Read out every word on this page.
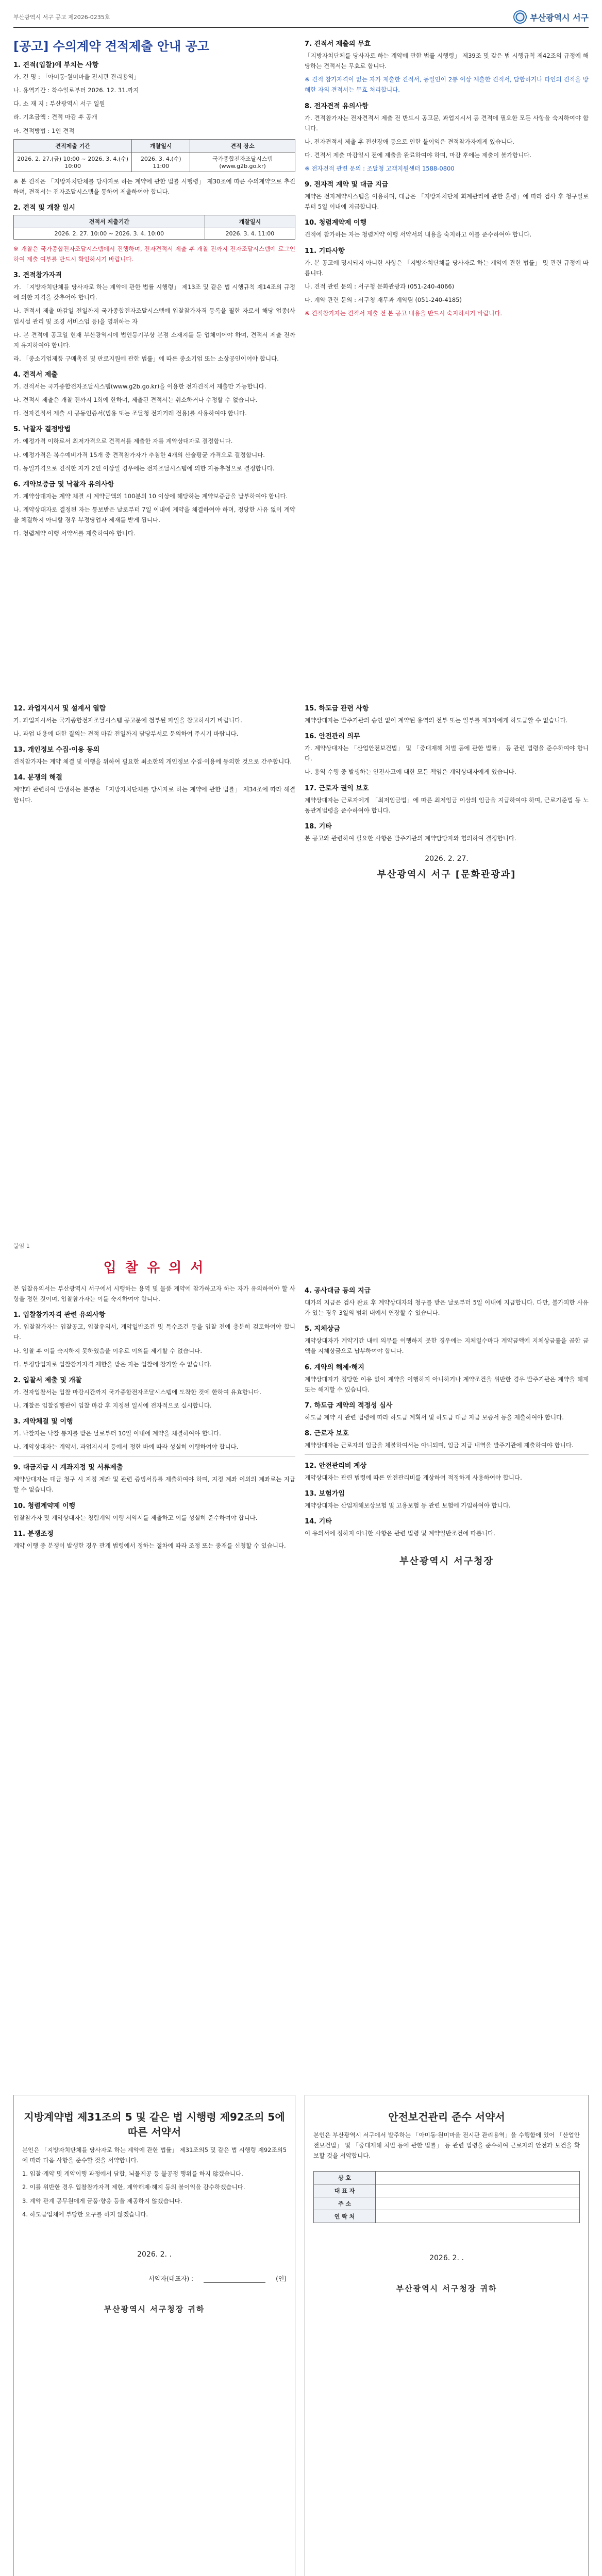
부산광역시 서구 공고 제2026-0235호	부산광역시 서구
[공고] 수의계약 견적제출 안내 공고
1. 견적(입찰)에 부치는 사항
가. 건 명 : 「아미동·원미마을 전시관 관리용역」
나. 용역기간 : 착수일로부터 2026. 12. 31.까지
다. 소 재 지 : 부산광역시 서구 일원
라. 기초금액 : 견적 마감 후 공개
마. 견적방법 : 1인 견적
견적제출 기간	개찰일시	견적 장소
2026. 2. 27.(금) 10:00 ~ 2026. 3. 4.(수) 10:00	2026. 3. 4.(수) 11:00	국가종합전자조달시스템 (www.g2b.go.kr)
※ 본 견적은 「지방자치단체를 당사자로 하는 계약에 관한 법률 시행령」 제30조에 따른 수의계약으로 추진하며, 견적서는 전자조달시스템을 통하여 제출하여야 합니다.
2. 견적 및 개찰 일시
견적서 제출기간	개찰일시
2026. 2. 27. 10:00 ~ 2026. 3. 4. 10:00	2026. 3. 4. 11:00
※ 개찰은 국가종합전자조달시스템에서 진행하며, 전자견적서 제출 후 개찰 전까지 전자조달시스템에 로그인하여 제출 여부를 반드시 확인하시기 바랍니다.
3. 견적참가자격
가. 「지방자치단체를 당사자로 하는 계약에 관한 법률 시행령」 제13조 및 같은 법 시행규칙 제14조의 규정에 의한 자격을 갖추어야 합니다.
나. 견적서 제출 마감일 전일까지 국가종합전자조달시스템에 입찰참가자격 등록을 필한 자로서 해당 업종(사업시설 관리 및 조경 서비스업 등)을 영위하는 자
다. 본 견적에 공고일 현재 부산광역시에 법인등기부상 본점 소재지를 둔 업체이어야 하며, 견적서 제출 전까지 유지하여야 합니다.
라. 「중소기업제품 구매촉진 및 판로지원에 관한 법률」에 따른 중소기업 또는 소상공인이어야 합니다.
4. 견적서 제출
가. 견적서는 국가종합전자조달시스템(www.g2b.go.kr)을 이용한 전자견적서 제출만 가능합니다.
나. 견적서 제출은 개찰 전까지 1회에 한하며, 제출된 견적서는 취소하거나 수정할 수 없습니다.
다. 전자견적서 제출 시 공동인증서(범용 또는 조달청 전자거래 전용)를 사용하여야 합니다.
5. 낙찰자 결정방법
가. 예정가격 이하로서 최저가격으로 견적서를 제출한 자를 계약상대자로 결정합니다.
나. 예정가격은 복수예비가격 15개 중 견적참가자가 추첨한 4개의 산술평균 가격으로 결정합니다.
다. 동일가격으로 견적한 자가 2인 이상일 경우에는 전자조달시스템에 의한 자동추첨으로 결정합니다.
6. 계약보증금 및 낙찰자 유의사항
가. 계약상대자는 계약 체결 시 계약금액의 100분의 10 이상에 해당하는 계약보증금을 납부하여야 합니다.
나. 계약상대자로 결정된 자는 통보받은 날로부터 7일 이내에 계약을 체결하여야 하며, 정당한 사유 없이 계약을 체결하지 아니할 경우 부정당업자 제재를 받게 됩니다.
다. 청렴계약 이행 서약서를 제출하여야 합니다.
7. 견적서 제출의 무효
「지방자치단체를 당사자로 하는 계약에 관한 법률 시행령」 제39조 및 같은 법 시행규칙 제42조의 규정에 해당하는 견적서는 무효로 합니다.
※ 견적 참가자격이 없는 자가 제출한 견적서, 동일인이 2통 이상 제출한 견적서, 담합하거나 타인의 견적을 방해한 자의 견적서는 무효 처리합니다.
8. 전자견적 유의사항
가. 견적참가자는 전자견적서 제출 전 반드시 공고문, 과업지시서 등 견적에 필요한 모든 사항을 숙지하여야 합니다.
나. 전자견적서 제출 후 전산장애 등으로 인한 불이익은 견적참가자에게 있습니다.
다. 견적서 제출 마감일시 전에 제출을 완료하여야 하며, 마감 후에는 제출이 불가합니다.
※ 전자견적 관련 문의 : 조달청 고객지원센터 1588-0800
9. 전자적 계약 및 대금 지급
계약은 전자계약시스템을 이용하며, 대금은 「지방자치단체 회계관리에 관한 훈령」에 따라 검사 후 청구일로부터 5일 이내에 지급합니다.
10. 청렴계약제 이행
견적에 참가하는 자는 청렴계약 이행 서약서의 내용을 숙지하고 이를 준수하여야 합니다.
11. 기타사항
가. 본 공고에 명시되지 아니한 사항은 「지방자치단체를 당사자로 하는 계약에 관한 법률」 및 관련 규정에 따릅니다.
나. 견적 관련 문의 : 서구청 문화관광과 (051-240-4066)
다. 계약 관련 문의 : 서구청 재무과 계약팀 (051-240-4185)
※ 견적참가자는 견적서 제출 전 본 공고 내용을 반드시 숙지하시기 바랍니다.
12. 과업지시서 및 설계서 열람
가. 과업지시서는 국가종합전자조달시스템 공고문에 첨부된 파일을 참고하시기 바랍니다.
나. 과업 내용에 대한 질의는 견적 마감 전일까지 담당부서로 문의하여 주시기 바랍니다.
13. 개인정보 수집·이용 동의
견적참가자는 계약 체결 및 이행을 위하여 필요한 최소한의 개인정보 수집·이용에 동의한 것으로 간주합니다.
14. 분쟁의 해결
계약과 관련하여 발생하는 분쟁은 「지방자치단체를 당사자로 하는 계약에 관한 법률」 제34조에 따라 해결합니다.
15. 하도급 관련 사항
계약상대자는 발주기관의 승인 없이 계약된 용역의 전부 또는 일부를 제3자에게 하도급할 수 없습니다.
16. 안전관리 의무
가. 계약상대자는 「산업안전보건법」 및 「중대재해 처벌 등에 관한 법률」 등 관련 법령을 준수하여야 합니다.
나. 용역 수행 중 발생하는 안전사고에 대한 모든 책임은 계약상대자에게 있습니다.
17. 근로자 권익 보호
계약상대자는 근로자에게 「최저임금법」에 따른 최저임금 이상의 임금을 지급하여야 하며, 근로기준법 등 노동관계법령을 준수하여야 합니다.
18. 기타
본 공고와 관련하여 필요한 사항은 발주기관의 계약담당자와 협의하여 결정합니다.
2026. 2. 27.
부산광역시 서구 [문화관광과]
붙임 1
입 찰 유 의 서
본 입찰유의서는 부산광역시 서구에서 시행하는 용역 및 물품 계약에 참가하고자 하는 자가 유의하여야 할 사항을 정한 것이며, 입찰참가자는 이를 숙지하여야 합니다.
1. 입찰참가자격 관련 유의사항
가. 입찰참가자는 입찰공고, 입찰유의서, 계약일반조건 및 특수조건 등을 입찰 전에 충분히 검토하여야 합니다.
나. 입찰 후 이를 숙지하지 못하였음을 이유로 이의를 제기할 수 없습니다.
다. 부정당업자로 입찰참가자격 제한을 받은 자는 입찰에 참가할 수 없습니다.
2. 입찰서 제출 및 개찰
가. 전자입찰서는 입찰 마감시간까지 국가종합전자조달시스템에 도착한 것에 한하여 유효합니다.
나. 개찰은 입찰집행관이 입찰 마감 후 지정된 일시에 전자적으로 실시합니다.
3. 계약체결 및 이행
가. 낙찰자는 낙찰 통지를 받은 날로부터 10일 이내에 계약을 체결하여야 합니다.
나. 계약상대자는 계약서, 과업지시서 등에서 정한 바에 따라 성실히 이행하여야 합니다.
9. 대금지급 시 계좌지정 및 서류제출
계약상대자는 대금 청구 시 지정 계좌 및 관련 증빙서류를 제출하여야 하며, 지정 계좌 이외의 계좌로는 지급할 수 없습니다.
10. 청렴계약제 이행
입찰참가자 및 계약상대자는 청렴계약 이행 서약서를 제출하고 이를 성실히 준수하여야 합니다.
11. 분쟁조정
계약 이행 중 분쟁이 발생한 경우 관계 법령에서 정하는 절차에 따라 조정 또는 중재를 신청할 수 있습니다.
4. 공사대금 등의 지급
대가의 지급은 검사 완료 후 계약상대자의 청구를 받은 날로부터 5일 이내에 지급합니다. 다만, 불가피한 사유가 있는 경우 3일의 범위 내에서 연장할 수 있습니다.
5. 지체상금
계약상대자가 계약기간 내에 의무를 이행하지 못한 경우에는 지체일수마다 계약금액에 지체상금률을 곱한 금액을 지체상금으로 납부하여야 합니다.
6. 계약의 해제·해지
계약상대자가 정당한 이유 없이 계약을 이행하지 아니하거나 계약조건을 위반한 경우 발주기관은 계약을 해제 또는 해지할 수 있습니다.
7. 하도급 계약의 적정성 심사
하도급 계약 시 관련 법령에 따라 하도급 계획서 및 하도급 대금 지급 보증서 등을 제출하여야 합니다.
8. 근로자 보호
계약상대자는 근로자의 임금을 체불하여서는 아니되며, 임금 지급 내역을 발주기관에 제출하여야 합니다.
12. 안전관리비 계상
계약상대자는 관련 법령에 따른 안전관리비를 계상하여 적정하게 사용하여야 합니다.
13. 보험가입
계약상대자는 산업재해보상보험 및 고용보험 등 관련 보험에 가입하여야 합니다.
14. 기타
이 유의서에 정하지 아니한 사항은 관련 법령 및 계약일반조건에 따릅니다.
부산광역시 서구청장
지방계약법 제31조의 5 및 같은 법 시행령 제92조의 5에 따른 서약서
본인은 「지방자치단체를 당사자로 하는 계약에 관한 법률」 제31조의5 및 같은 법 시행령 제92조의5에 따라 다음 사항을 준수할 것을 서약합니다.
1. 입찰·계약 및 계약이행 과정에서 담합, 뇌물제공 등 불공정 행위를 하지 않겠습니다.
2. 이를 위반한 경우 입찰참가자격 제한, 계약해제·해지 등의 불이익을 감수하겠습니다.
3. 계약 관계 공무원에게 금품·향응 등을 제공하지 않겠습니다.
4. 하도급업체에 부당한 요구를 하지 않겠습니다.
2026. 2. .
서약자(대표자) :	(인)
부산광역시 서구청장 귀하
안전보건관리 준수 서약서
본인은 부산광역시 서구에서 발주하는 「아미동·원미마을 전시관 관리용역」을 수행함에 있어 「산업안전보건법」 및 「중대재해 처벌 등에 관한 법률」 등 관련 법령을 준수하여 근로자의 안전과 보건을 확보할 것을 서약합니다.
상 호	
대 표 자	
주 소	
연 락 처	
2026. 2. .
부산광역시 서구청장 귀하
